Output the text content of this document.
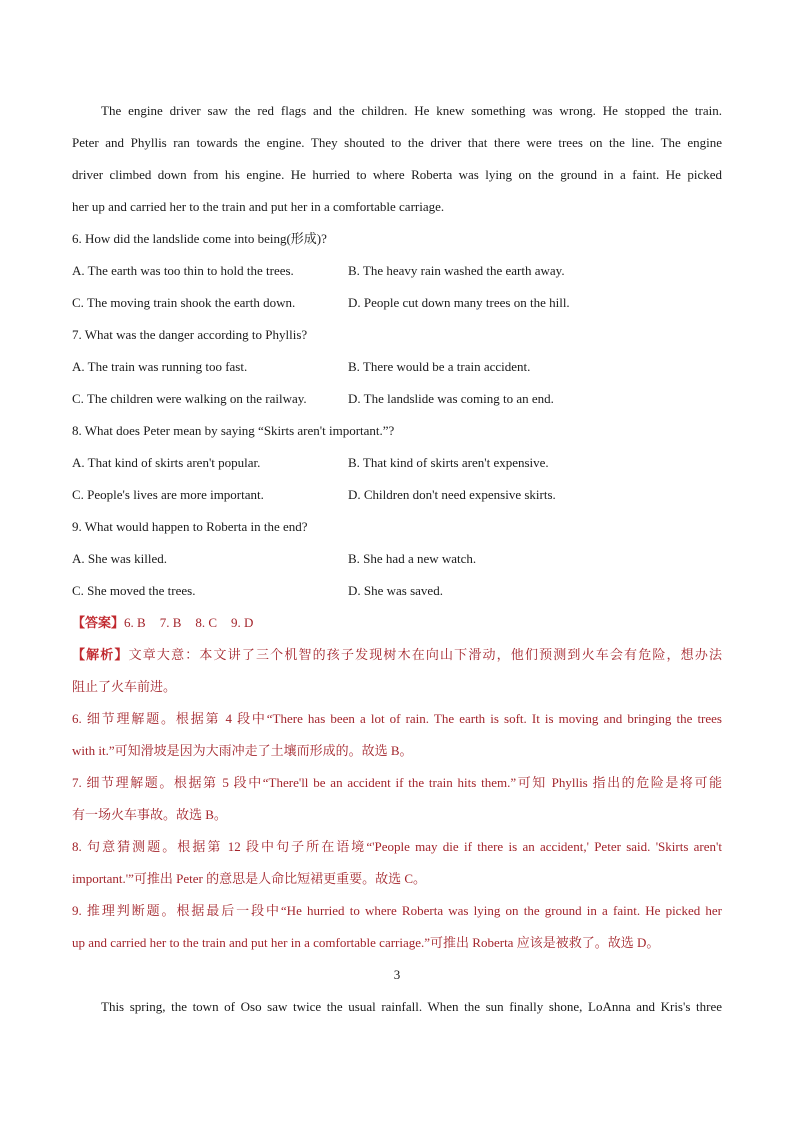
The engine driver saw the red flags and the children. He knew something was wrong. He stopped the train.
Peter and Phyllis ran towards the engine. They shouted to the driver that there were trees on the line. The engine
driver climbed down from his engine. He hurried to where Roberta was lying on the ground in a faint. He picked
her up and carried her to the train and put her in a comfortable carriage.
6. How did the landslide come into being(形成)?
A. The earth was too thin to hold the trees.	B. The heavy rain washed the earth away.
C. The moving train shook the earth down.	D. People cut down many trees on the hill.
7. What was the danger according to Phyllis?
A. The train was running too fast.	B. There would be a train accident.
C. The children were walking on the railway.	D. The landslide was coming to an end.
8. What does Peter mean by saying “Skirts aren't important.”?
A. That kind of skirts aren't popular.	B. That kind of skirts aren't expensive.
C. People's lives are more important.	D. Children don't need expensive skirts.
9. What would happen to Roberta in the end?
A. She was killed.	B. She had a new watch.
C. She moved the trees.	D. She was saved.
【答案】6. B 7. B 8. C 9. D
【解析】文章大意：本文讲了三个机智的孩子发现树木在向山下滑动，他们预测到火车会有危险，想办法
阻止了火车前进。
6. 细节理解题。根据第 4 段中“There has been a lot of rain. The earth is soft. It is moving and bringing the trees
with it.”可知滑坡是因为大雨冲走了土壤而形成的。故选 B。
7. 细节理解题。根据第 5 段中“There'll be an accident if the train hits them.”可知 Phyllis 指出的危险是将可能
有一场火车事故。故选 B。
8. 句意猜测题。根据第 12 段中句子所在语境“'People may die if there is an accident,' Peter said. 'Skirts aren't
important.'”可推出 Peter 的意思是人命比短裙更重要。故选 C。
9. 推理判断题。根据最后一段中“He hurried to where Roberta was lying on the ground in a faint. He picked her
up and carried her to the train and put her in a comfortable carriage.”可推出 Roberta 应该是被救了。故选 D。
3
This spring, the town of Oso saw twice the usual rainfall. When the sun finally shone, LoAnna and Kris's three
